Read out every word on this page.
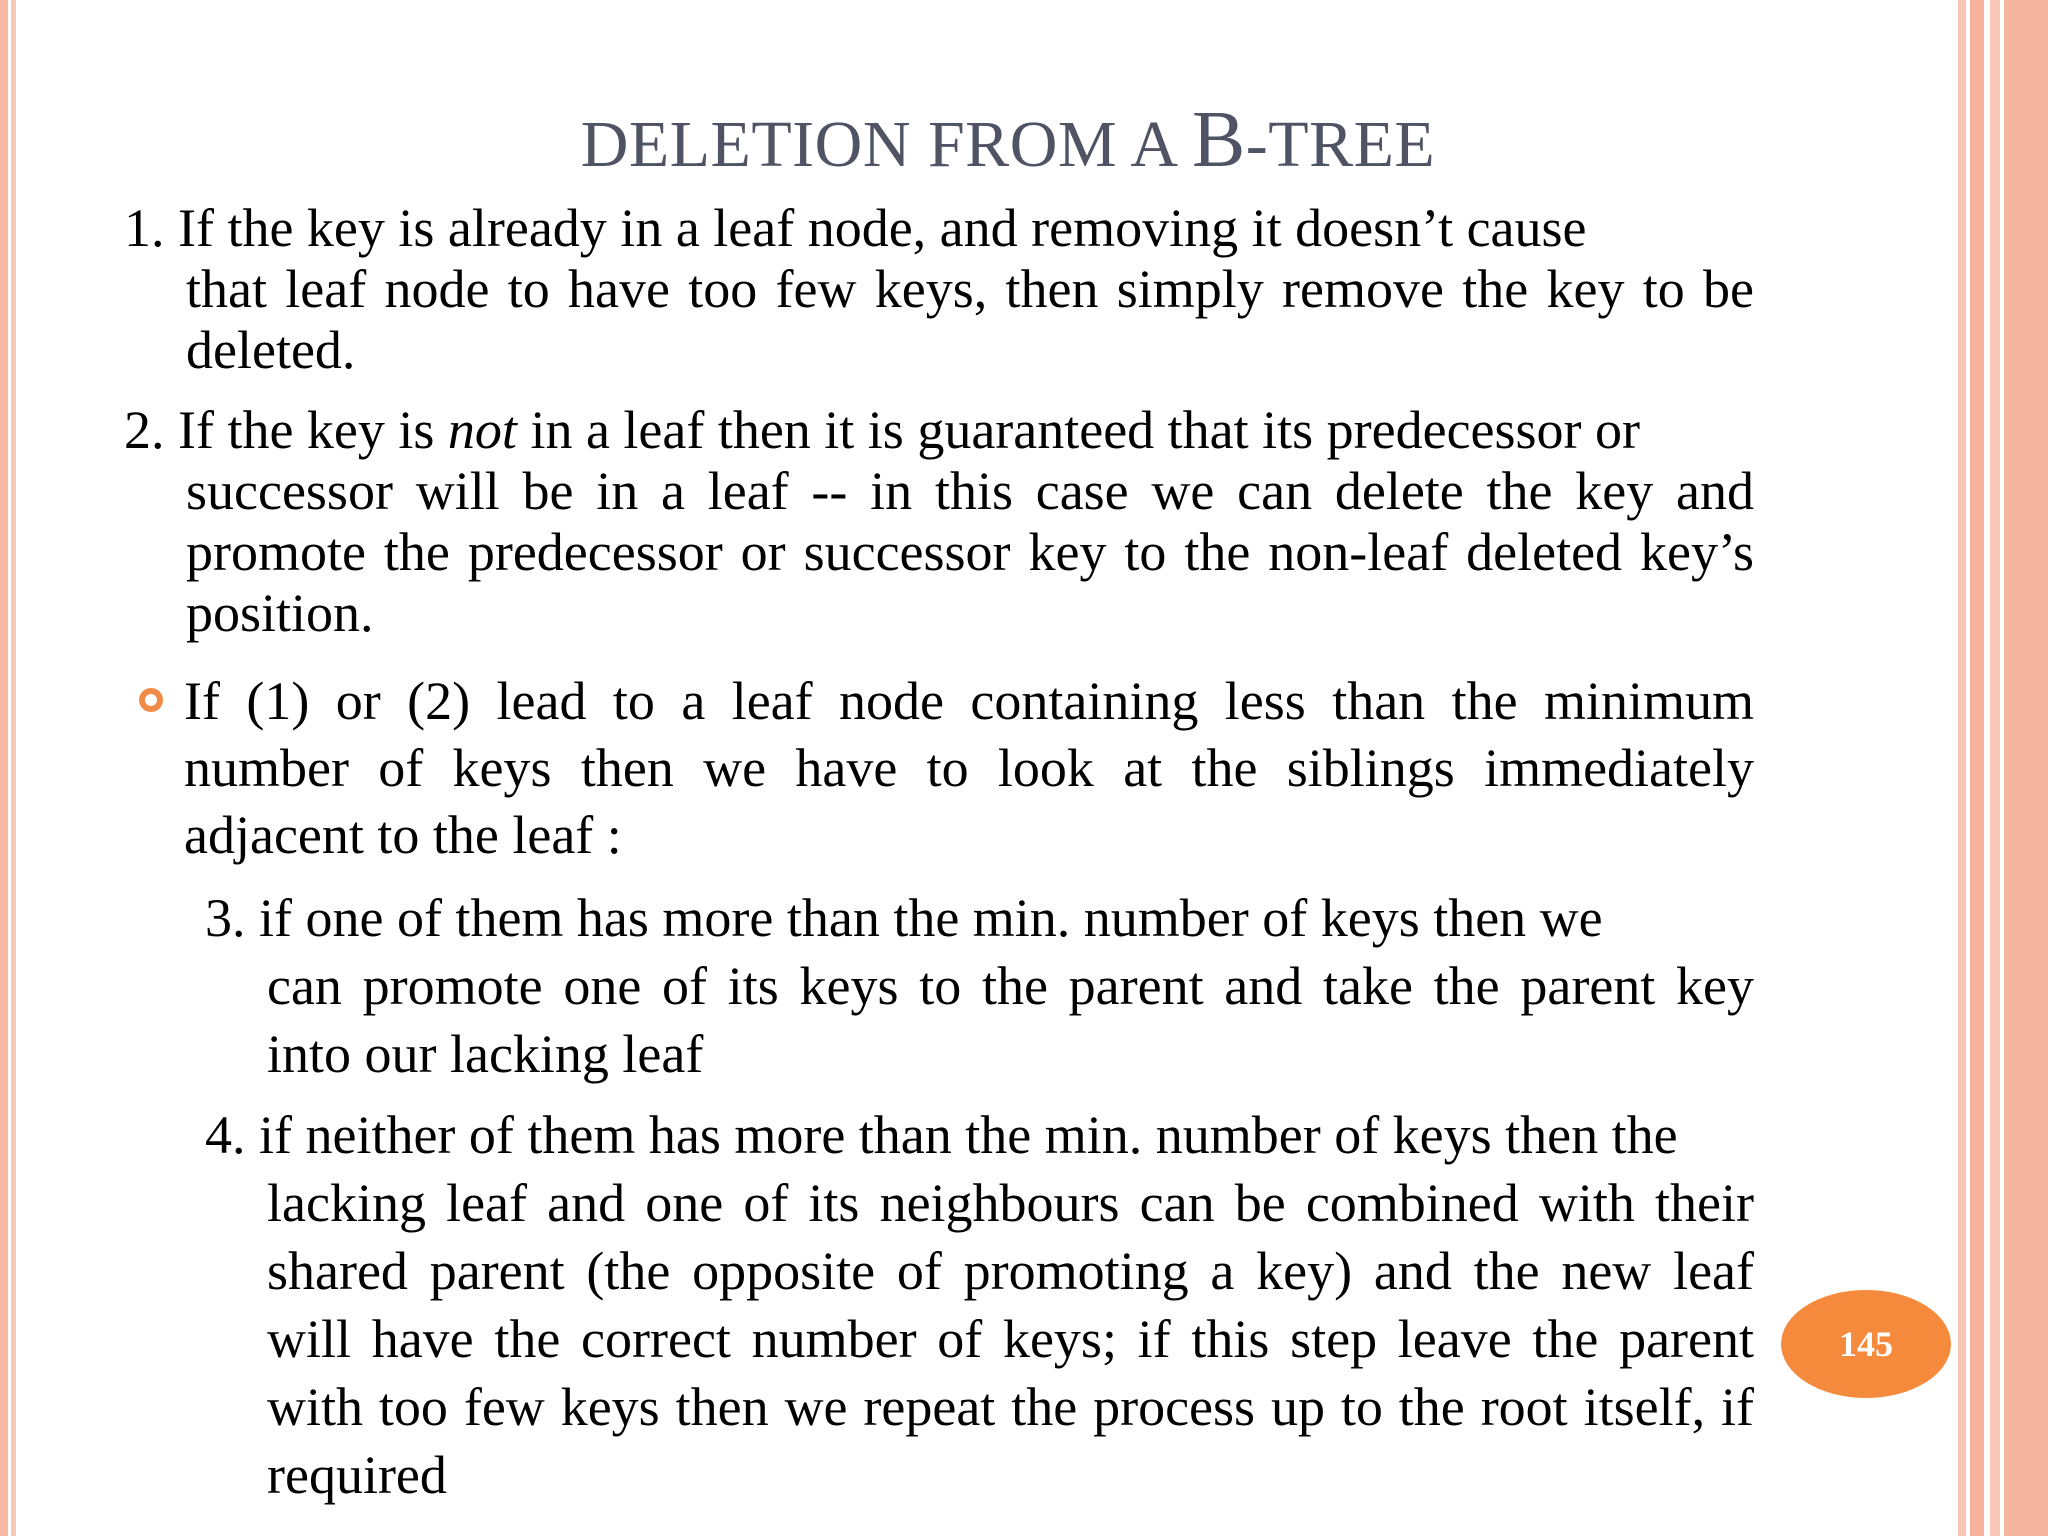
DELETION FROM A B-TREE
1. If the key is already in a leaf node, and removing it doesn’t cause
that leaf node to have too few keys, then simply remove the key to be deleted.
2. If the key is not in a leaf then it is guaranteed that its predecessor or
successor will be in a leaf -- in this case we can delete the key and promote the predecessor or successor key to the non-leaf deleted key’s position.
If (1) or (2) lead to a leaf node containing less than the minimum number of keys then we have to look at the siblings immediately adjacent to the leaf :
3. if one of them has more than the min. number of keys then we
can promote one of its keys to the parent and take the parent key into our lacking leaf
4. if neither of them has more than the min. number of keys then the
lacking leaf and one of its neighbours can be combined with their shared parent (the opposite of promoting a key) and the new leaf will have the correct number of keys; if this step leave the parent with too few keys then we repeat the process up to the root itself, if required
145
